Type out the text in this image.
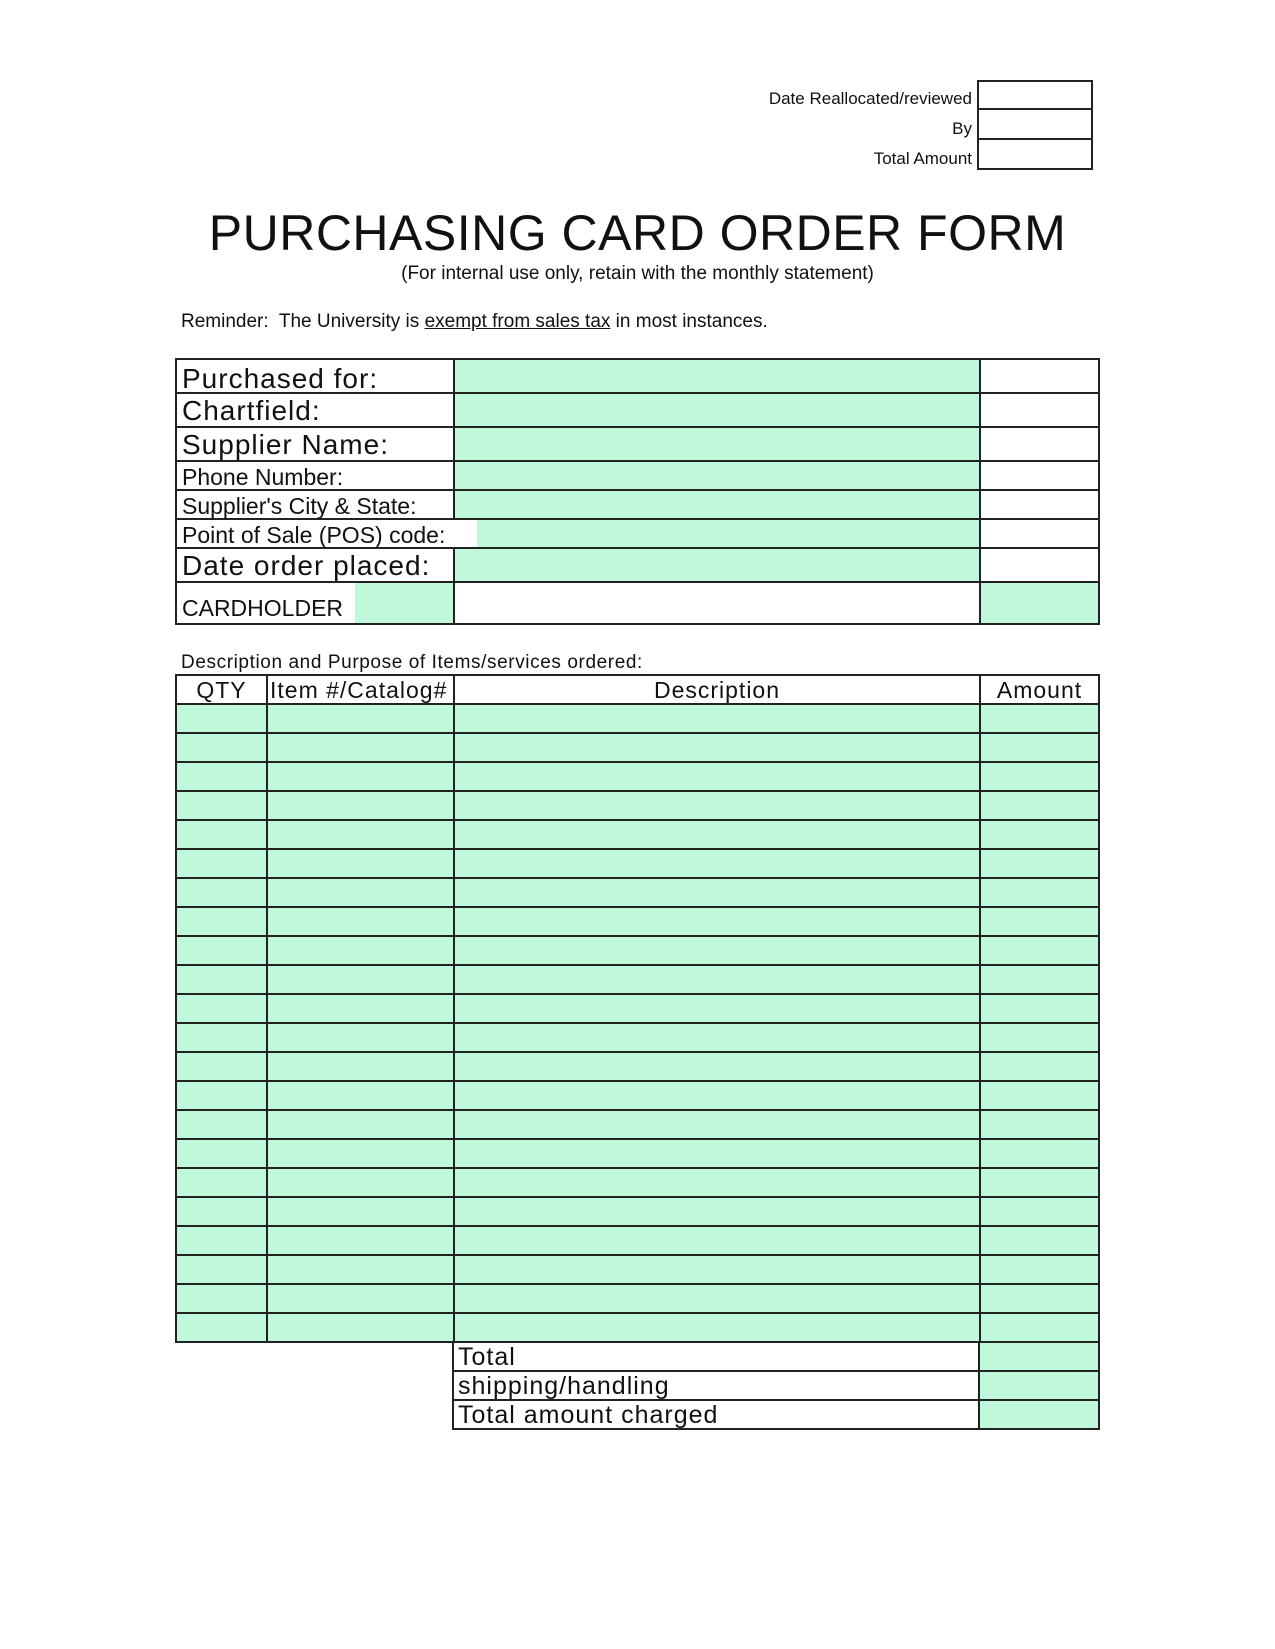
Date Reallocated/reviewed
By
Total Amount
PURCHASING CARD ORDER FORM
(For internal use only, retain with the monthly statement)
Reminder:  The University is exempt from sales tax in most instances.
Purchased for:
Chartfield:
Supplier Name:
Phone Number:
Supplier's City & State:
Point of Sale (POS) code:
Date order placed:
CARDHOLDER
Description and Purpose of Items/services ordered:
QTY	Item #/Catalog#	Description	Amount
Total
shipping/handling
Total amount charged
